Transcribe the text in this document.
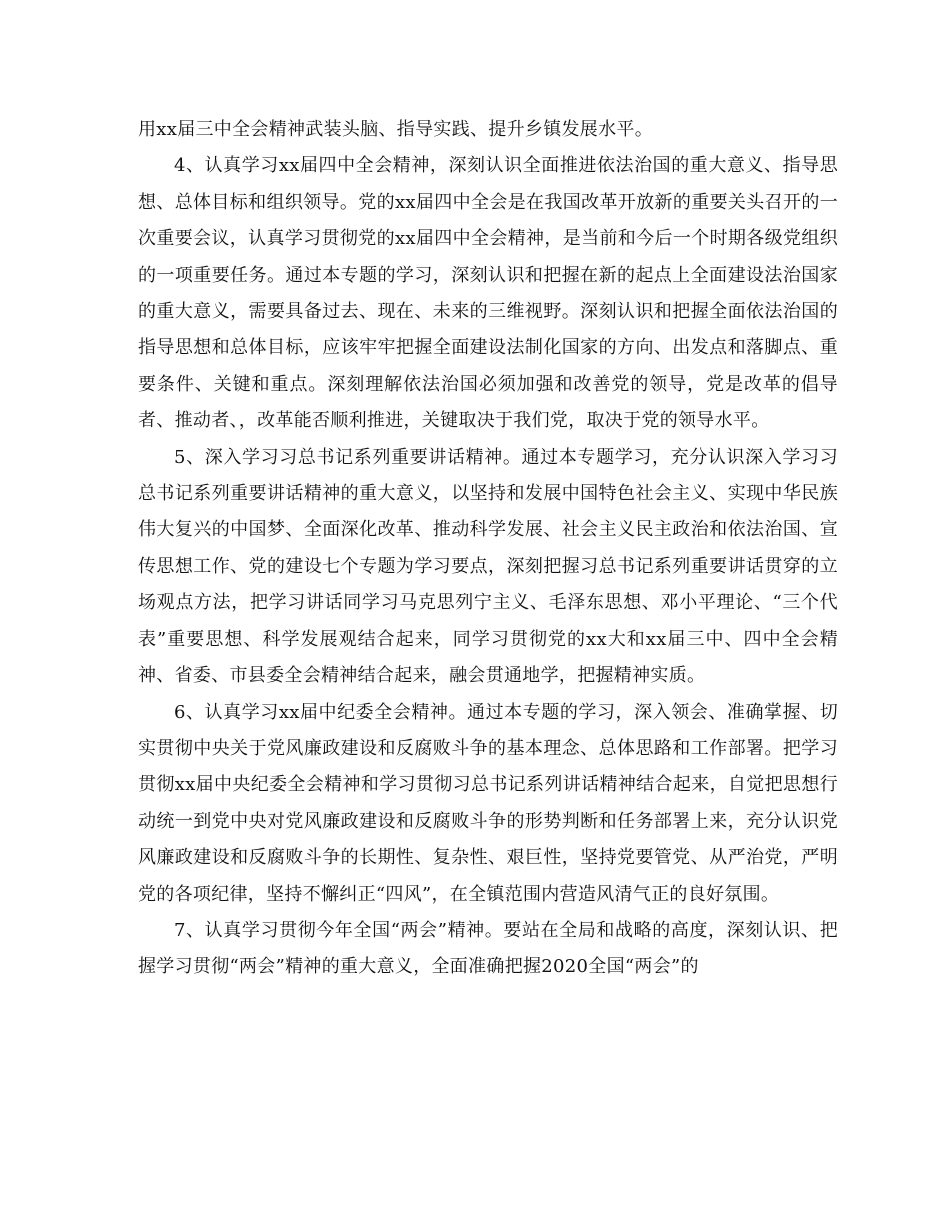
用xx届三中全会精神武装头脑、指导实践、提升乡镇发展水平。

4、认真学习xx届四中全会精神，深刻认识全面推进依法治国的重大意义、指导思想、总体目标和组织领导。党的xx届四中全会是在我国改革开放新的重要关头召开的一次重要会议，认真学习贯彻党的xx届四中全会精神，是当前和今后一个时期各级党组织的一项重要任务。通过本专题的学习，深刻认识和把握在新的起点上全面建设法治国家的重大意义，需要具备过去、现在、未来的三维视野。深刻认识和把握全面依法治国的指导思想和总体目标，应该牢牢把握全面建设法制化国家的方向、出发点和落脚点、重要条件、关键和重点。深刻理解依法治国必须加强和改善党的领导，党是改革的倡导者、推动者、，改革能否顺利推进，关键取决于我们党，取决于党的领导水平。

5、深入学习习总书记系列重要讲话精神。通过本专题学习，充分认识深入学习习总书记系列重要讲话精神的重大意义，以坚持和发展中国特色社会主义、实现中华民族伟大复兴的中国梦、全面深化改革、推动科学发展、社会主义民主政治和依法治国、宣传思想工作、党的建设七个专题为学习要点，深刻把握习总书记系列重要讲话贯穿的立场观点方法，把学习讲话同学习马克思列宁主义、毛泽东思想、邓小平理论、“三个代表”重要思想、科学发展观结合起来，同学习贯彻党的xx大和xx届三中、四中全会精神、省委、市县委全会精神结合起来，融会贯通地学，把握精神实质。

6、认真学习xx届中纪委全会精神。通过本专题的学习，深入领会、准确掌握、切实贯彻中央关于党风廉政建设和反腐败斗争的基本理念、总体思路和工作部署。把学习贯彻xx届中央纪委全会精神和学习贯彻习总书记系列讲话精神结合起来，自觉把思想行动统一到党中央对党风廉政建设和反腐败斗争的形势判断和任务部署上来，充分认识党风廉政建设和反腐败斗争的长期性、复杂性、艰巨性，坚持党要管党、从严治党，严明党的各项纪律，坚持不懈纠正“四风”，在全镇范围内营造风清气正的良好氛围。

7、认真学习贯彻今年全国“两会”精神。要站在全局和战略的高度，深刻认识、把握学习贯彻“两会”精神的重大意义，全面准确把握2020全国“两会”的
